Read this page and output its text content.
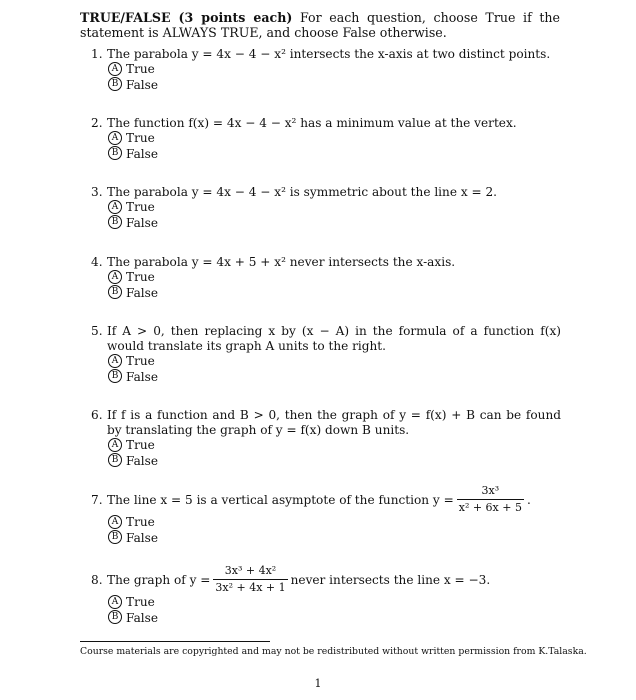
TRUE/FALSE (3 points each) For each question, choose True if the statement is ALWAYS TRUE, and choose False otherwise.
1. The parabola y = 4x − 4 − x² intersects the x-axis at two distinct points.
A True
B False
2. The function f(x) = 4x − 4 − x² has a minimum value at the vertex.
A True
B False
3. The parabola y = 4x − 4 − x² is symmetric about the line x = 2.
A True
B False
4. The parabola y = 4x + 5 + x² never intersects the x-axis.
A True
B False
5. If A > 0, then replacing x by (x − A) in the formula of a function f(x) would translate its graph A units to the right.
A True
B False
6. If f is a function and B > 0, then the graph of y = f(x) + B can be found by translating the graph of y = f(x) down B units.
A True
B False
7. The line x = 5 is a vertical asymptote of the function $y = \frac{\text{3x³}}{\text{x² + 6x + 5}}$ .
A True
B False
8. The graph of $y = \frac{\text{3x³ + 4x²}}{\text{3x² + 4x + 1}}$ never intersects the line x = −3.
A True
B False
Course materials are copyrighted and may not be redistributed without written permission from K.Talaska.
1
